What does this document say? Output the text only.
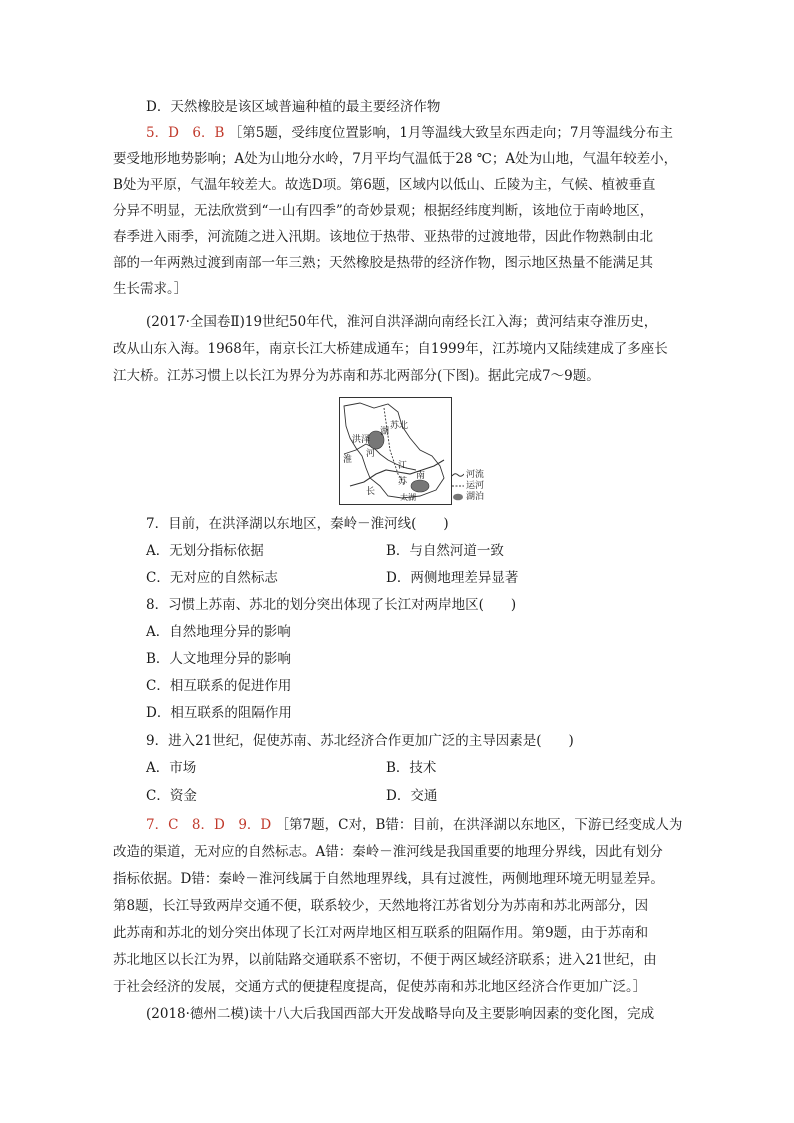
D．天然橡胶是该区域普遍种植的最主要经济作物
5．D　6．B ［第5题，受纬度位置影响，1月等温线大致呈东西走向；7月等温线分布主
要受地形地势影响；A处为山地分水岭，7月平均气温低于28 ℃；A处为山地，气温年较差小，
B处为平原，气温年较差大。故选D项。第6题，区域内以低山、丘陵为主，气候、植被垂直
分异不明显，无法欣赏到“一山有四季”的奇妙景观；根据经纬度判断，该地位于南岭地区，
春季进入雨季，河流随之进入汛期。该地位于热带、亚热带的过渡地带，因此作物熟制由北
部的一年两熟过渡到南部一年三熟；天然橡胶是热带的经济作物，图示地区热量不能满足其
生长需求。］
(2017·全国卷Ⅱ)19世纪50年代，淮河自洪泽湖向南经长江入海；黄河结束夺淮历史，
改从山东入海。1968年，南京长江大桥建成通车；自1999年，江苏境内又陆续建成了多座长
江大桥。江苏习惯上以长江为界分为苏南和苏北两部分(下图)。据此完成7～9题。
苏北
洪泽
湖
淮
河
长
江
苏
南
太湖
河流
运河
湖泊
7．目前，在洪泽湖以东地区，秦岭－淮河线(　　)
A．无划分指标依据	B．与自然河道一致
C．无对应的自然标志	D．两侧地理差异显著
8．习惯上苏南、苏北的划分突出体现了长江对两岸地区(　　)
A．自然地理分异的影响
B．人文地理分异的影响
C．相互联系的促进作用
D．相互联系的阻隔作用
9．进入21世纪，促使苏南、苏北经济合作更加广泛的主导因素是(　　)
A．市场	B．技术
C．资金	D．交通
7．C　8．D　9．D ［第7题，C对，B错：目前，在洪泽湖以东地区，下游已经变成人为
改造的渠道，无对应的自然标志。A错：秦岭－淮河线是我国重要的地理分界线，因此有划分
指标依据。D错：秦岭－淮河线属于自然地理界线，具有过渡性，两侧地理环境无明显差异。
第8题，长江导致两岸交通不便，联系较少，天然地将江苏省划分为苏南和苏北两部分，因
此苏南和苏北的划分突出体现了长江对两岸地区相互联系的阻隔作用。第9题，由于苏南和
苏北地区以长江为界，以前陆路交通联系不密切，不便于两区域经济联系；进入21世纪，由
于社会经济的发展，交通方式的便捷程度提高，促使苏南和苏北地区经济合作更加广泛。］
(2018·德州二模)读十八大后我国西部大开发战略导向及主要影响因素的变化图，完成
